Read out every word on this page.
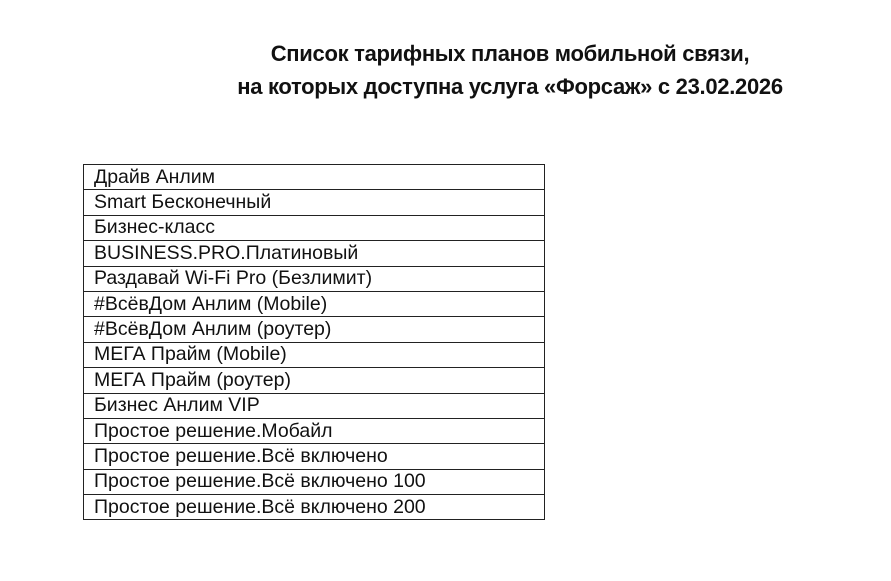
Список тарифных планов мобильной связи,
на которых доступна услуга «Форсаж» с 23.02.2026
Драйв Анлим
Smart Бесконечный
Бизнес-класс
BUSINESS.PRO.Платиновый
Раздавай Wi-Fi Pro (Безлимит)
#ВсёвДом Анлим (Mobile)
#ВсёвДом Анлим (роутер)
МЕГА Прайм (Mobile)
МЕГА Прайм (роутер)
Бизнес Анлим VIP
Простое решение.Мобайл
Простое решение.Всё включено
Простое решение.Всё включено 100
Простое решение.Всё включено 200
